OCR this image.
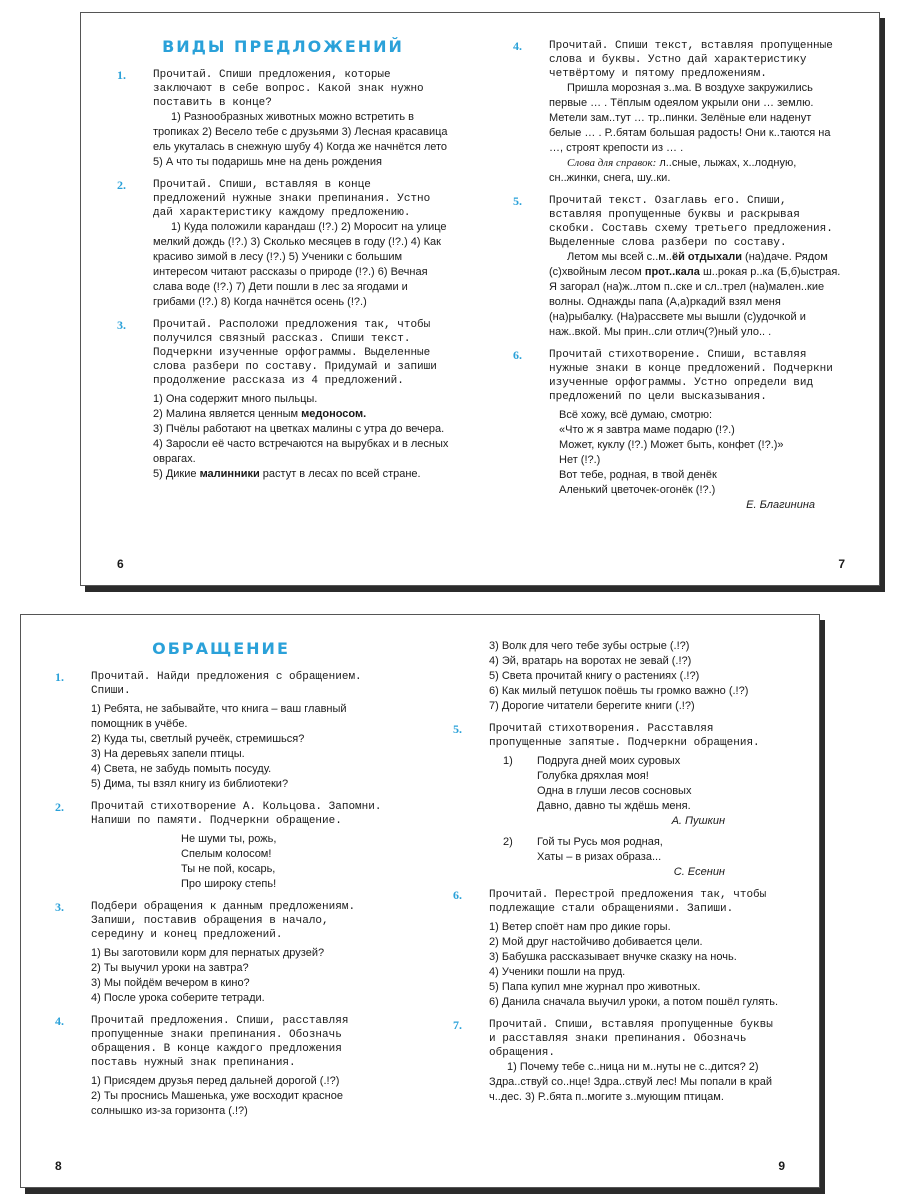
ВИДЫ ПРЕДЛОЖЕНИЙ
1. Прочитай. Спиши предложения, которые заключают в себе вопрос. Какой знак нужно поставить в конце?

1) Разнообразных животных можно встретить в тропиках 2) Весело тебе с друзьями 3) Лесная красавица ель укуталась в снежную шубу 4) Когда же начнётся лето 5) А что ты подаришь мне на день рождения

2. Прочитай. Спиши, вставляя в конце предложений нужные знаки препинания. Устно дай характеристику каждому предложению.

1) Куда положили карандаш (!?.) 2) Моросит на улице мелкий дождь (!?.) 3) Сколько месяцев в году (!?.) 4) Как красиво зимой в лесу (!?.) 5) Ученики с большим интересом читают рассказы о природе (!?.) 6) Вечная слава воде (!?.) 7) Дети пошли в лес за ягодами и грибами (!?.) 8) Когда начнётся осень (!?.)

3. Прочитай. Расположи предложения так, чтобы получился связный рассказ. Спиши текст. Подчеркни изученные орфограммы. Выделенные слова разбери по составу. Придумай и запиши продолжение рассказа из 4 предложений.
1) Она содержит много пыльцы.
2) Малина является ценным медоносом.
3) Пчёлы работают на цветках малины с утра до вечера.
4) Заросли её часто встречаются на вырубках и в лесных оврагах.
5) Дикие малинники растут в лесах по всей стране.
6
4. Прочитай. Спиши текст, вставляя пропущенные слова и буквы. Устно дай характеристику четвёртому и пятому предложениям.

Пришла морозная з..ма. В воздухе закружились первые … . Тёплым одеялом укрыли они … землю. Метели зам..тут … тр..пинки. Зелёные ели наденут белые … . Р..бятам большая радость! Они к..таются на …, строят крепости из … .

Слова для справок: л..сные, лыжах, х..лодную, сн..жинки, снега, шу..ки.

5. Прочитай текст. Озаглавь его. Спиши, вставляя пропущенные буквы и раскрывая скобки. Составь схему третьего предложения. Выделенные слова разбери по составу.

Летом мы всей с..м..ёй отдыхали (на)даче. Рядом (с)хвойным лесом прот..кала ш..рокая р..ка (Б,б)ыстрая. Я загорал (на)ж..лтом п..ске и сл..трел (на)мален..кие волны. Однажды папа (А,а)ркадий взял меня (на)рыбалку. (На)рассвете мы вышли (с)удочкой и наж..вкой. Мы прин..сли отлич(?)ный уло.. .

6. Прочитай стихотворение. Спиши, вставляя нужные знаки в конце предложений. Подчеркни изученные орфограммы. Устно определи вид предложений по цели высказывания.
Всё хожу, всё думаю, смотрю:
«Что ж я завтра маме подарю (!?.)
Может, куклу (!?.) Может быть, конфет (!?.)»
Нет (!?.)
Вот тебе, родная, в твой денёк
Аленький цветочек-огонёк (!?.)
Е. Благинина
7
ОБРАЩЕНИЕ
1. Прочитай. Найди предложения с обращением. Спиши.
1) Ребята, не забывайте, что книга – ваш главный помощник в учёбе.
2) Куда ты, светлый ручеёк, стремишься?
3) На деревьях запели птицы.
4) Света, не забудь помыть посуду.
5) Дима, ты взял книгу из библиотеки?
2. Прочитай стихотворение А. Кольцова. Запомни. Напиши по памяти. Подчеркни обращение.
Не шуми ты, рожь,
Спелым колосом!
Ты не пой, косарь,
Про широку степь!
3. Подбери обращения к данным предложениям. Запиши, поставив обращения в начало, середину и конец предложений.
1) Вы заготовили корм для пернатых друзей?
2) Ты выучил уроки на завтра?
3) Мы пойдём вечером в кино?
4) После урока соберите тетради.
4. Прочитай предложения. Спиши, расставляя пропущенные знаки препинания. Обозначь обращения. В конце каждого предложения поставь нужный знак препинания.
1) Присядем друзья перед дальней дорогой (.!?)
2) Ты проснись Машенька, уже восходит красное солнышко из-за горизонта (.!?)
8
3) Волк для чего тебе зубы острые (.!?)
4) Эй, вратарь на воротах не зевай (.!?)
5) Света прочитай книгу о растениях (.!?)
6) Как милый петушок поёшь ты громко важно (.!?)
7) Дорогие читатели берегите книги (.!?)
5. Прочитай стихотворения. Расставляя пропущенные запятые. Подчеркни обращения.
1) Подруга дней моих суровых
Голубка дряхлая моя!
Одна в глуши лесов сосновых
Давно, давно ты ждёшь меня.
А. Пушкин
2) Гой ты Русь моя родная,
Хаты – в ризах образа...
С. Есенин
6. Прочитай. Перестрой предложения так, чтобы подлежащие стали обращениями. Запиши.
1) Ветер споёт нам про дикие горы.
2) Мой друг настойчиво добивается цели.
3) Бабушка рассказывает внучке сказку на ночь.
4) Ученики пошли на пруд.
5) Папа купил мне журнал про животных.
6) Данила сначала выучил уроки, а потом пошёл гулять.
7. Прочитай. Спиши, вставляя пропущенные буквы и расставляя знаки препинания. Обозначь обращения.

1) Почему тебе с..ница ни м..нуты не с..дится? 2) Здра..ствуй со..нце! Здра..ствуй лес! Мы попали в край ч..дес. 3) Р..бята п..могите з..мующим птицам.

9
